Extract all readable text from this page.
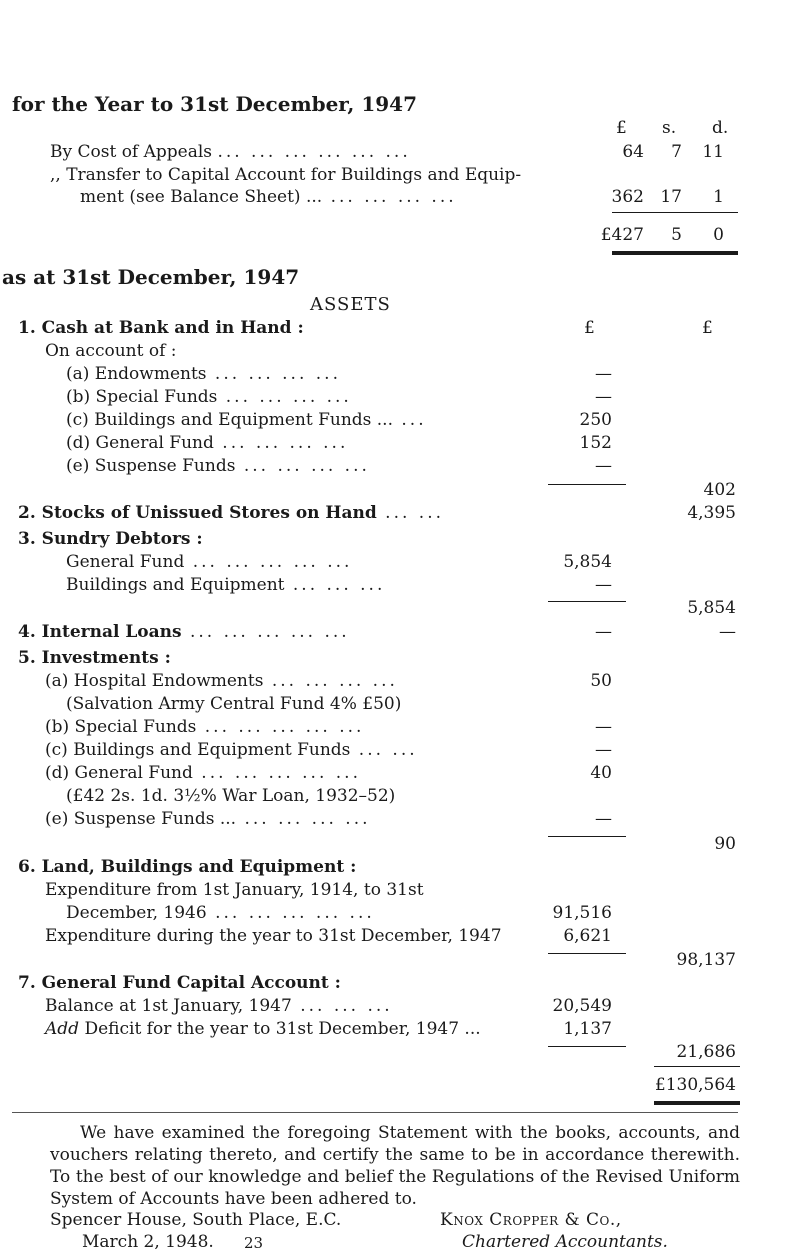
for the Year to 31st December, 1947
£ s. d.
By Cost of Appeals ... ... ... ... ... ...	64	7	11
,, Transfer to Capital Account for Buildings and Equip-
ment (see Balance Sheet) ... ... ... ... ...	362 17	1
£427	5	0
as at 31st December, 1947
ASSETS
£	£
1. Cash at Bank and in Hand :
On account of :
(a) Endowments ... ... ... ...	—
(b) Special Funds ... ... ... ...	—
(c) Buildings and Equipment Funds ... ...	250
(d) General Fund ... ... ... ...	152
(e) Suspense Funds ... ... ... ...	—
402
2. Stocks of Unissued Stores on Hand ... ...	4,395
3. Sundry Debtors :
General Fund ... ... ... ... ...	5,854
Buildings and Equipment ... ... ...	—
5,854
4. Internal Loans ... ... ... ... ...	—	—
5. Investments :
(a) Hospital Endowments ... ... ... ...	50
(Salvation Army Central Fund 4% £50)
(b) Special Funds ... ... ... ... ...	—
(c) Buildings and Equipment Funds ... ...	—
(d) General Fund ... ... ... ... ...	40
(£42 2s. 1d. 3½% War Loan, 1932–52)
(e) Suspense Funds ... ... ... ... ...	—
90
6. Land, Buildings and Equipment :
Expenditure from 1st January, 1914, to 31st
December, 1946 ... ... ... ... ...	91,516
Expenditure during the year to 31st December, 1947	6,621
98,137
7. General Fund Capital Account :
Balance at 1st January, 1947 ... ... ...	20,549
Add Deficit for the year to 31st December, 1947 ...	1,137
21,686
£130,564
We have examined the foregoing Statement with the books, accounts, and vouchers relating thereto, and certify the same to be in accordance therewith. To the best of our knowledge and belief the Regulations of the Revised Uniform System of Accounts have been adhered to.
Spencer House, South Place, E.C.
March 2, 1948.
Knox Cropper & Co.,
Chartered Accountants.
23
